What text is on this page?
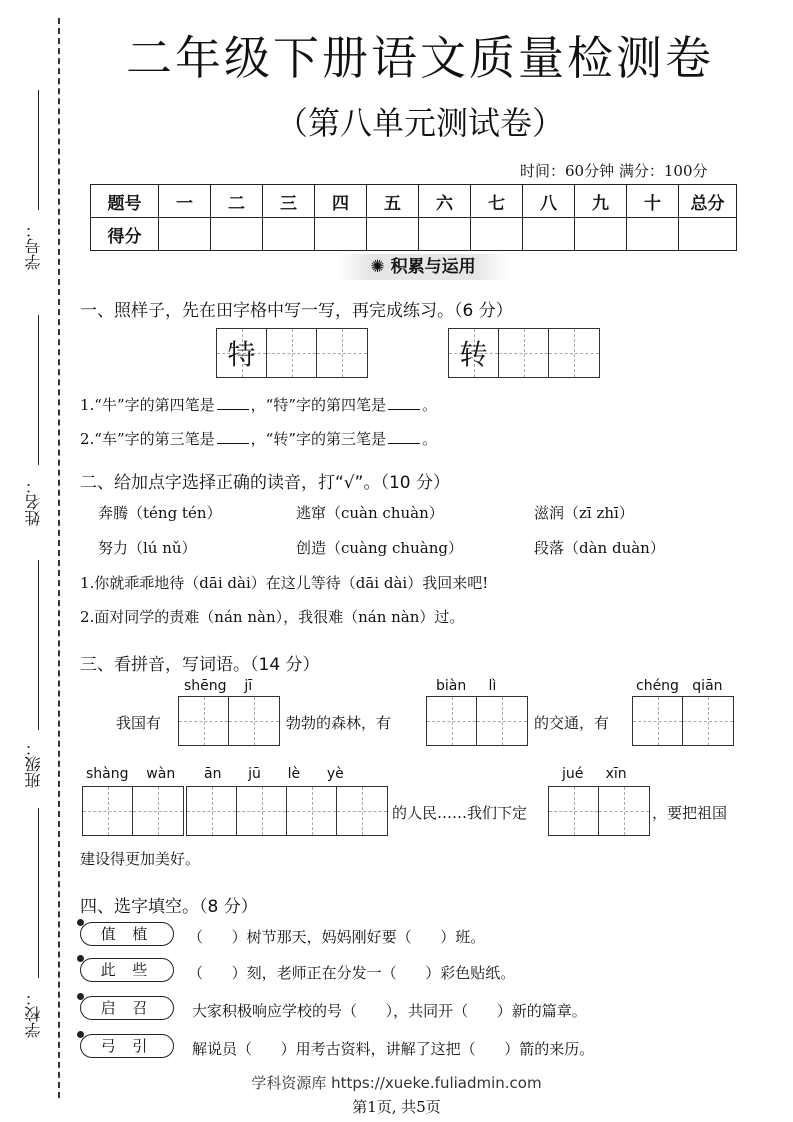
学号：
姓名：
班级：
学校：
二年级下册语文质量检测卷
（第八单元测试卷）
时间：60分钟 满分：100分
题号	一	二	三	四	五	六	七	八	九	十	总分
得分											
✺ 积累与运用
一、照样子，先在田字格中写一写，再完成练习。（6 分）
特	转
1.“牛”字的第四笔是 ，“特”字的第四笔是 。
2.“车”字的第三笔是 ，“转”字的第三笔是 。
二、给加点字选择正确的读音，打“√”。（10 分）
奔腾（téng tén）	逃窜（cuàn chuàn）	滋润（zī zhī）
努力（lú nǔ）	创造（cuàng chuàng）	段落（dàn duàn）
1.你就乖乖地待（dāi dài）在这儿等待（dāi dài）我回来吧!
2.面对同学的责难（nán nàn），我很难（nán nàn）过。
三、看拼音，写词语。（14 分）
shēng    jī	biàn     lì	chéng   qiān
我国有	勃勃的森林，有	的交通，有
shàng    wàn ān      jū      lè      yè	jué     xīn
的人民……我们下定	，要把祖国
建设得更加美好。
四、选字填空。（8 分）
值 植	（      ）树节那天，妈妈刚好要（      ）班。
此 些	（      ）刻，老师正在分发一（      ）彩色贴纸。
启 召	大家积极响应学校的号（      ），共同开（      ）新的篇章。
弓 引	解说员（      ）用考古资料，讲解了这把（      ）箭的来历。
学科资源库 https://xueke.fuliadmin.com
第1页, 共5页
